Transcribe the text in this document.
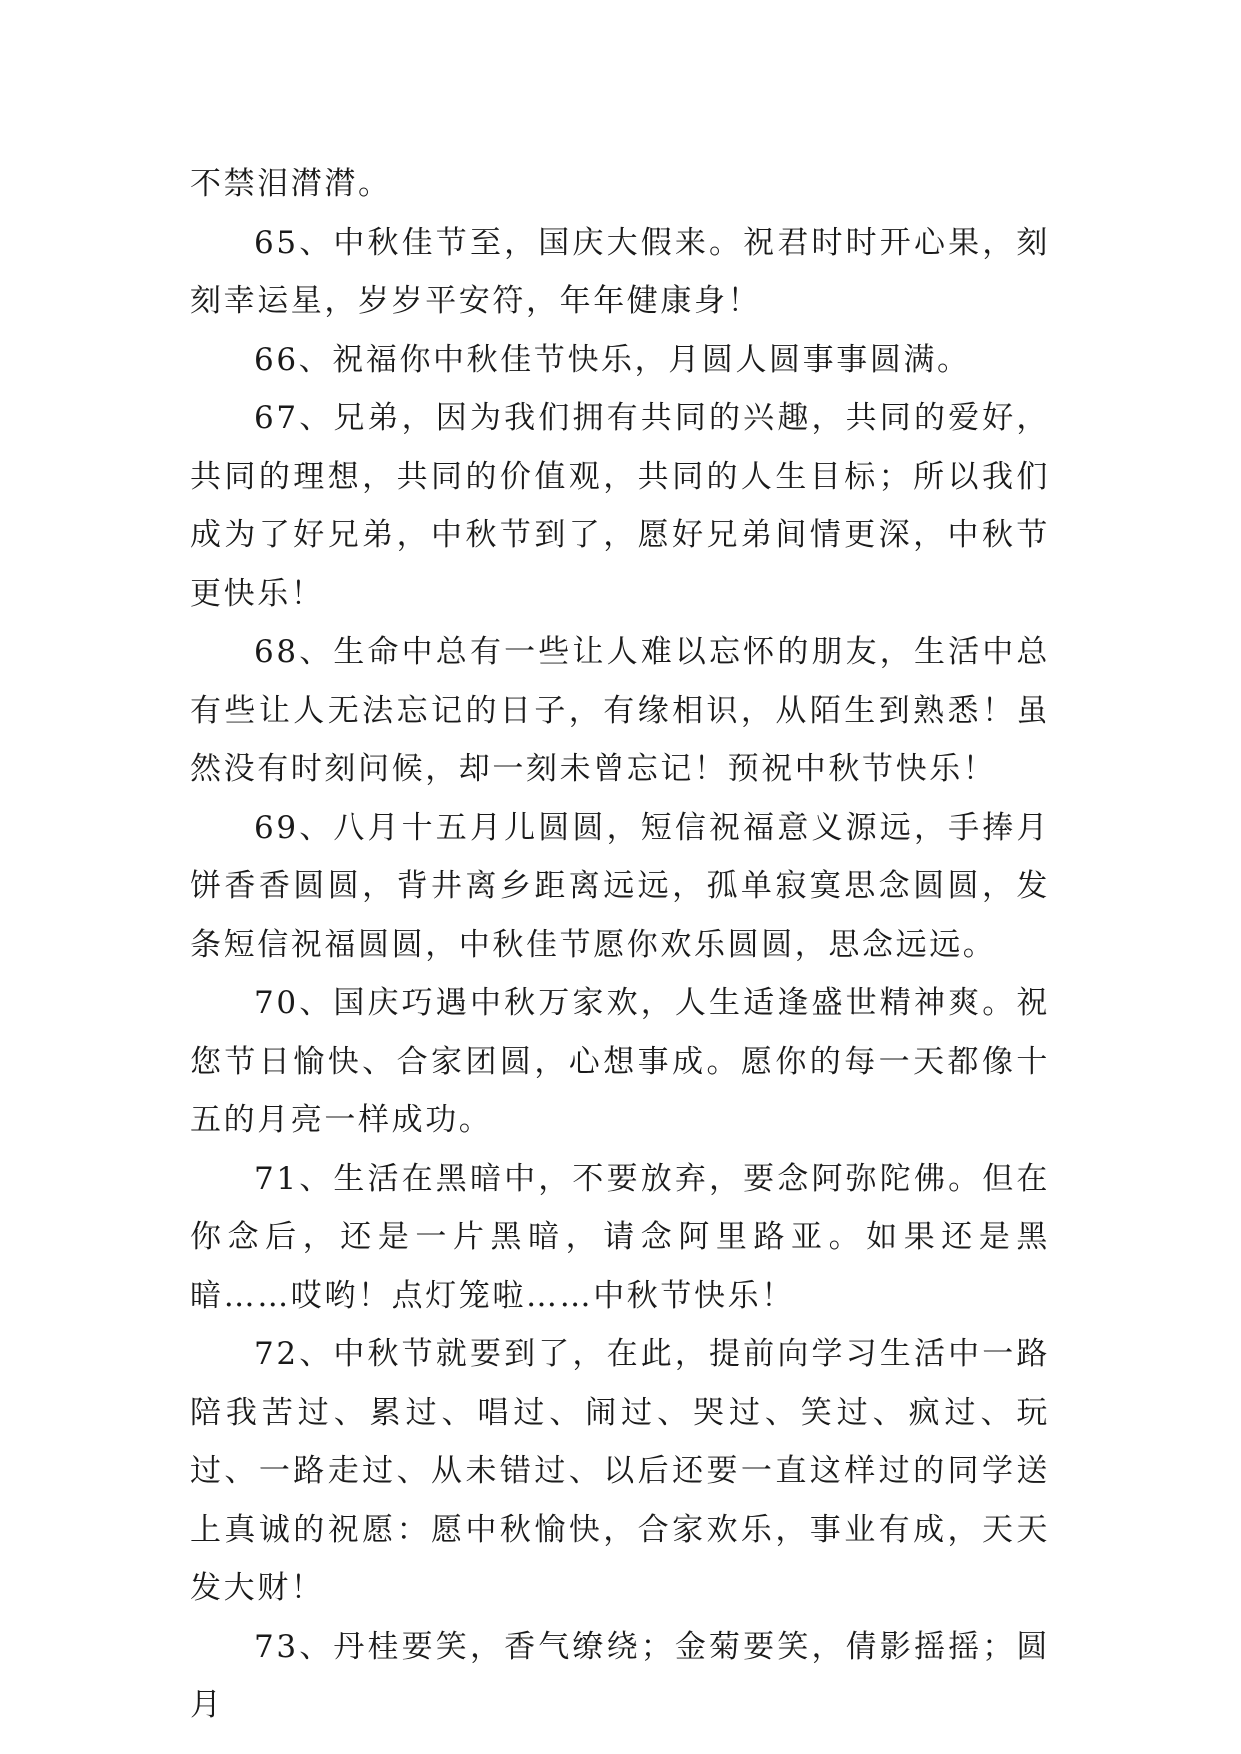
不禁泪潸潸。

65、中秋佳节至，国庆大假来。祝君时时开心果，刻刻幸运星，岁岁平安符，年年健康身！

66、祝福你中秋佳节快乐，月圆人圆事事圆满。

67、兄弟，因为我们拥有共同的兴趣，共同的爱好，共同的理想，共同的价值观，共同的人生目标；所以我们成为了好兄弟，中秋节到了，愿好兄弟间情更深，中秋节更快乐！

68、生命中总有一些让人难以忘怀的朋友，生活中总有些让人无法忘记的日子，有缘相识，从陌生到熟悉！虽然没有时刻问候，却一刻未曾忘记！预祝中秋节快乐！

69、八月十五月儿圆圆，短信祝福意义源远，手捧月饼香香圆圆，背井离乡距离远远，孤单寂寞思念圆圆，发条短信祝福圆圆，中秋佳节愿你欢乐圆圆，思念远远。

70、国庆巧遇中秋万家欢，人生适逢盛世精神爽。祝您节日愉快、合家团圆，心想事成。愿你的每一天都像十五的月亮一样成功。

71、生活在黑暗中，不要放弃，要念阿弥陀佛。但在你念后，还是一片黑暗，请念阿里路亚。如果还是黑暗……哎哟！点灯笼啦……中秋节快乐！

72、中秋节就要到了，在此，提前向学习生活中一路陪我苦过、累过、唱过、闹过、哭过、笑过、疯过、玩过、一路走过、从未错过、以后还要一直这样过的同学送上真诚的祝愿：愿中秋愉快，合家欢乐，事业有成，天天发大财！

73、丹桂要笑，香气缭绕；金菊要笑，倩影摇摇；圆月
